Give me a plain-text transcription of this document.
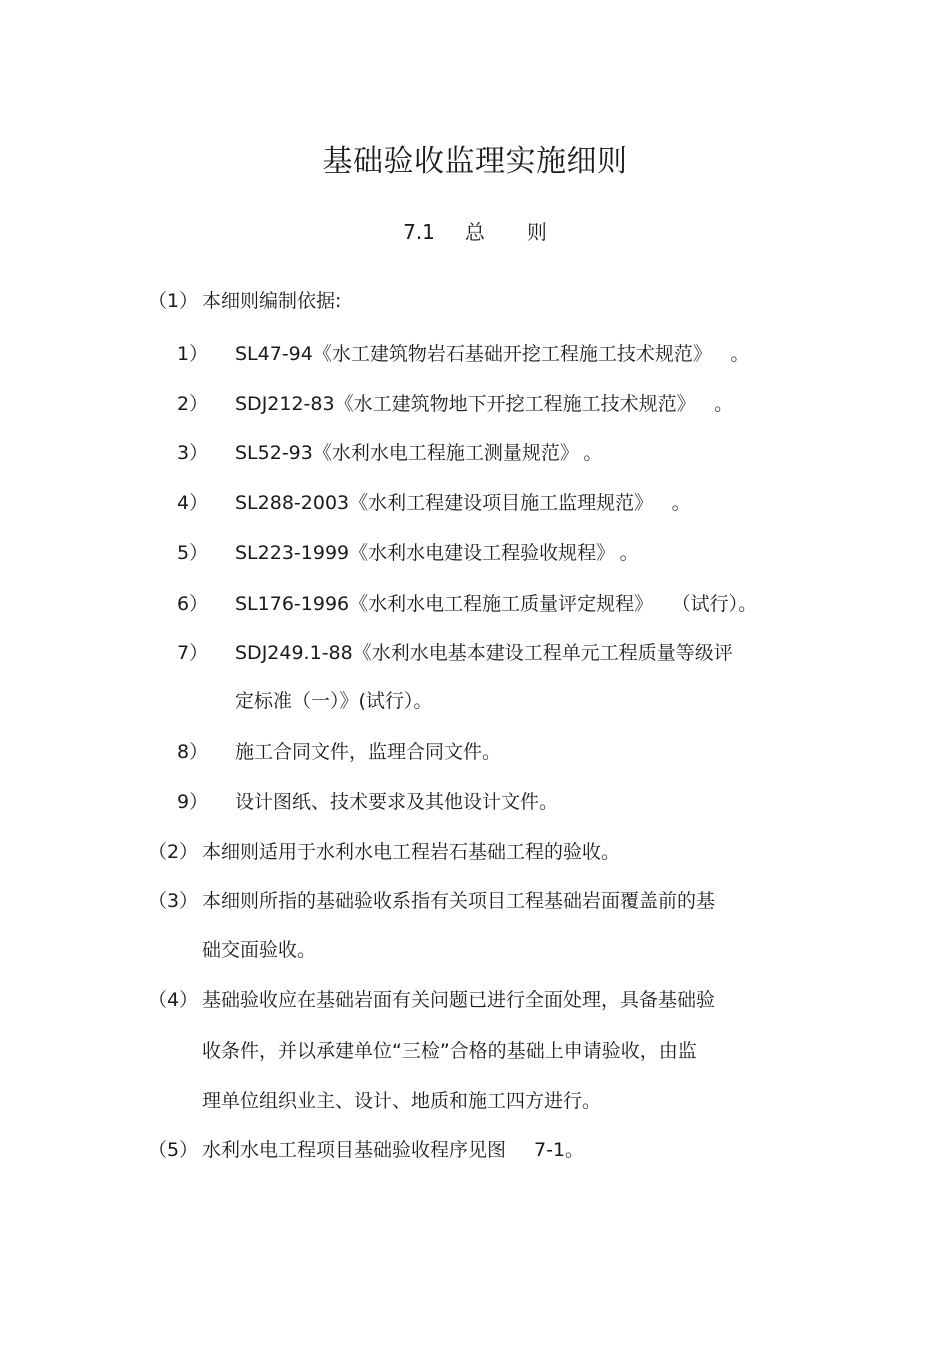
基础验收监理实施细则
7.1 总 则
（1） 本细则编制依据:
1） SL47-94《水工建筑物岩石基础开挖工程施工技术规范》 。
2） SDJ212-83《水工建筑物地下开挖工程施工技术规范》 。
3） SL52-93《水利水电工程施工测量规范》 。
4） SL288-2003《水利工程建设项目施工监理规范》 。
5） SL223-1999《水利水电建设工程验收规程》 。
6） SL176-1996《水利水电工程施工质量评定规程》 （试行）。
7） SDJ249.1-88《水利水电基本建设工程单元工程质量等级评
定标准（一）》(试行）。
8） 施工合同文件，监理合同文件。
9） 设计图纸、技术要求及其他设计文件。
（2） 本细则适用于水利水电工程岩石基础工程的验收。
（3） 本细则所指的基础验收系指有关项目工程基础岩面覆盖前的基
础交面验收。
（4） 基础验收应在基础岩面有关问题已进行全面处理，具备基础验
收条件，并以承建单位“三检”合格的基础上申请验收，由监
理单位组织业主、设计、地质和施工四方进行。
（5） 水利水电工程项目基础验收程序见图 7-1。
